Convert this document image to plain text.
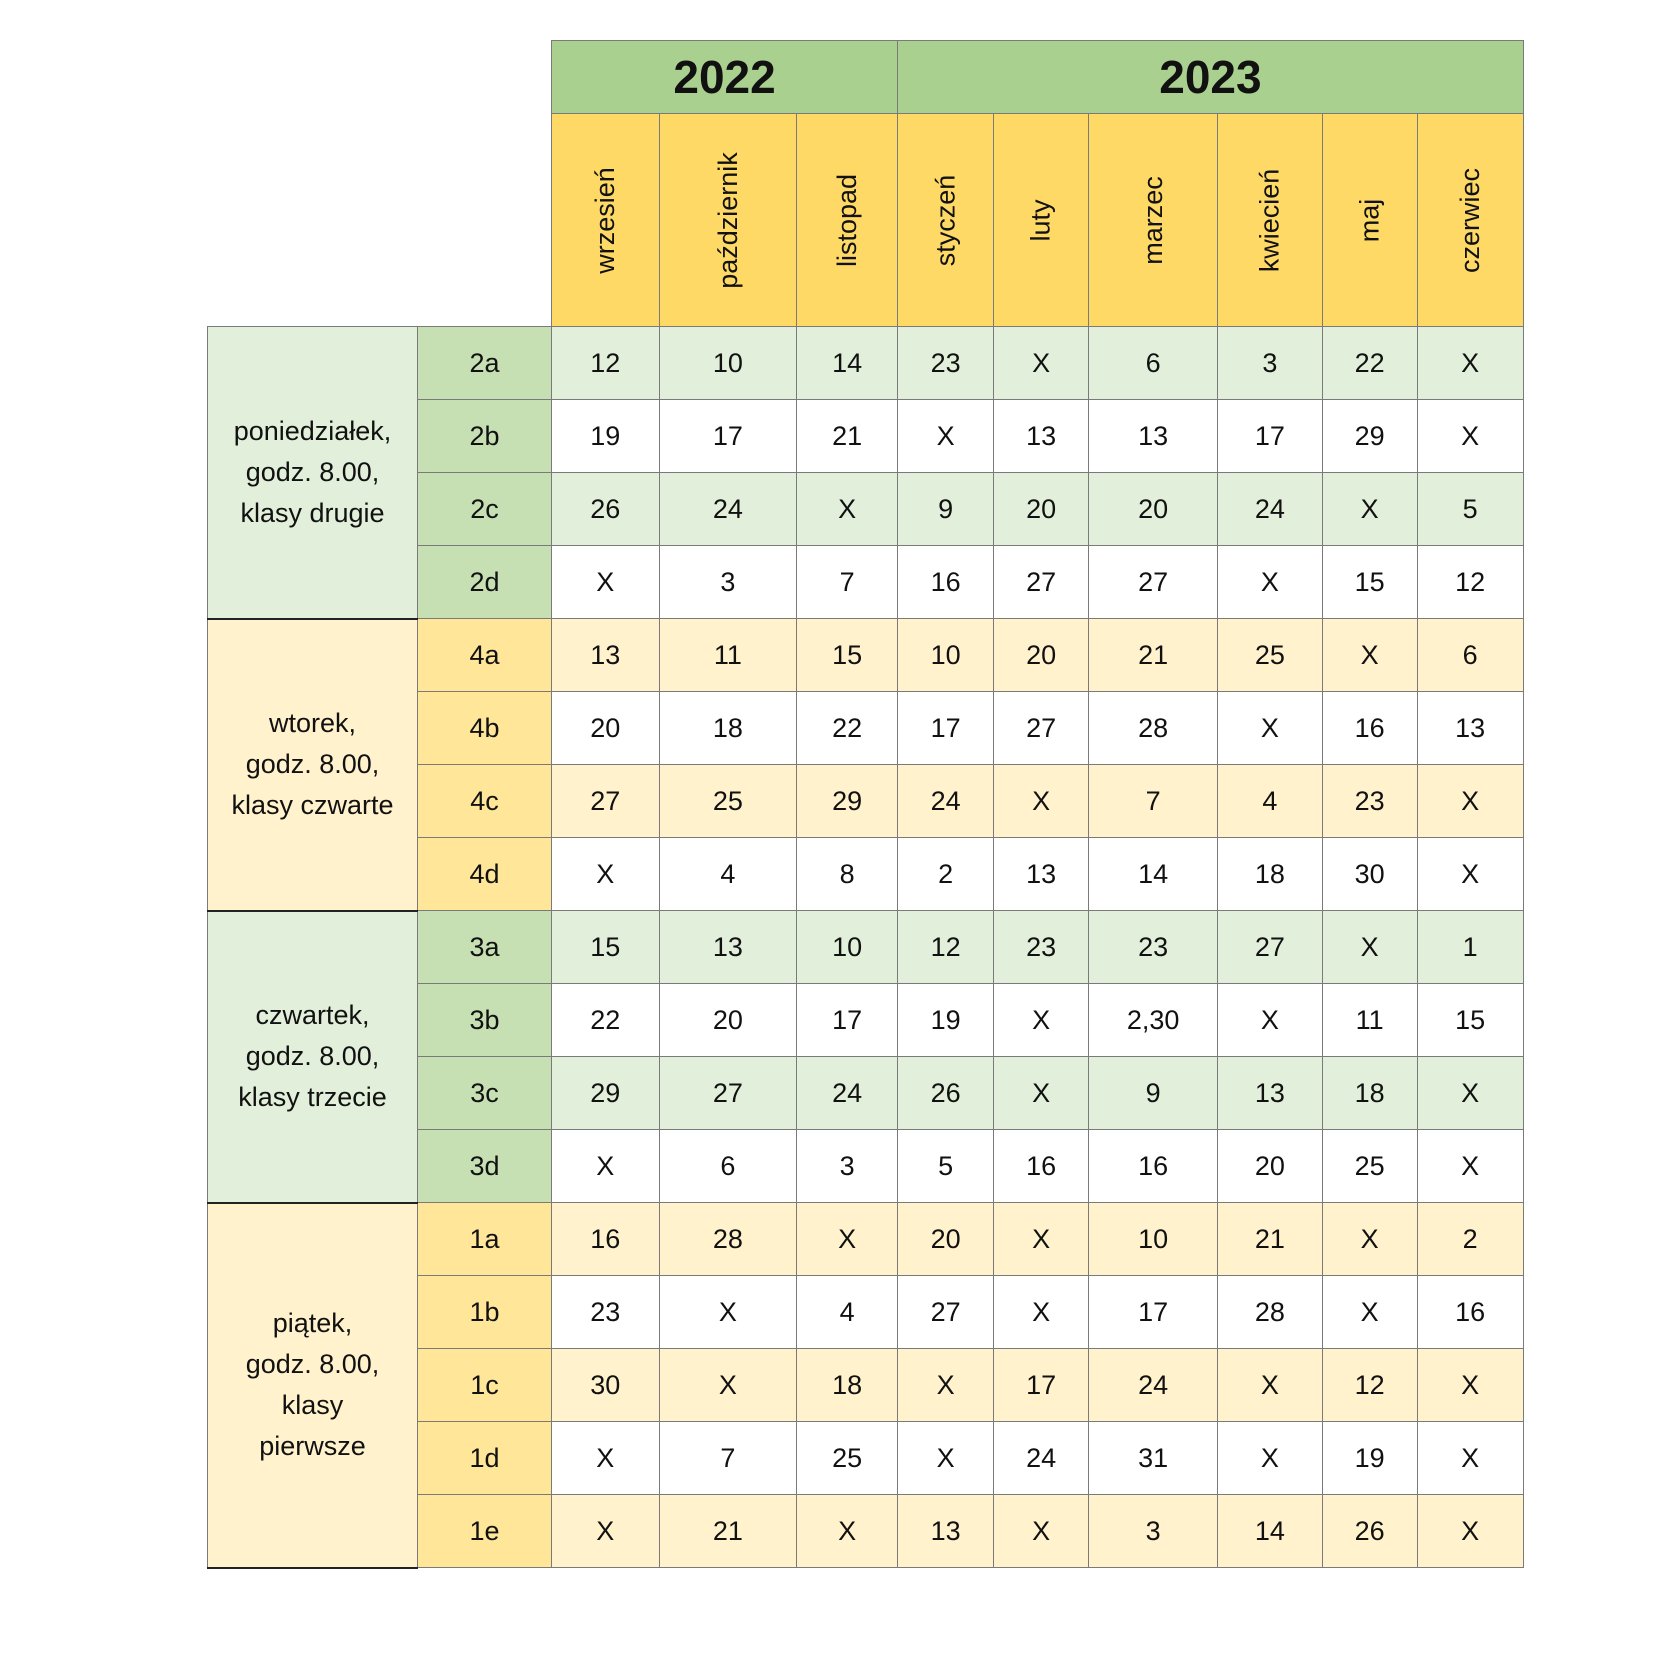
		2022			2023					
		wrzesień	październik	listopad	styczeń	luty	marzec	kwiecień	maj	czerwiec
poniedziałek,
godz. 8.00,
klasy drugie	2a	12	10	14	23	X	6	3	22	X
	2b	19	17	21	X	13	13	17	29	X
	2c	26	24	X	9	20	20	24	X	5
	2d	X	3	7	16	27	27	X	15	12
wtorek,
godz. 8.00,
klasy czwarte	4a	13	11	15	10	20	21	25	X	6
	4b	20	18	22	17	27	28	X	16	13
	4c	27	25	29	24	X	7	4	23	X
	4d	X	4	8	2	13	14	18	30	X
czwartek,
godz. 8.00,
klasy trzecie	3a	15	13	10	12	23	23	27	X	1
	3b	22	20	17	19	X	2,30	X	11	15
	3c	29	27	24	26	X	9	13	18	X
	3d	X	6	3	5	16	16	20	25	X
piątek,
godz. 8.00,
klasy
pierwsze	1a	16	28	X	20	X	10	21	X	2
	1b	23	X	4	27	X	17	28	X	16
	1c	30	X	18	X	17	24	X	12	X
	1d	X	7	25	X	24	31	X	19	X
	1e	X	21	X	13	X	3	14	26	X
